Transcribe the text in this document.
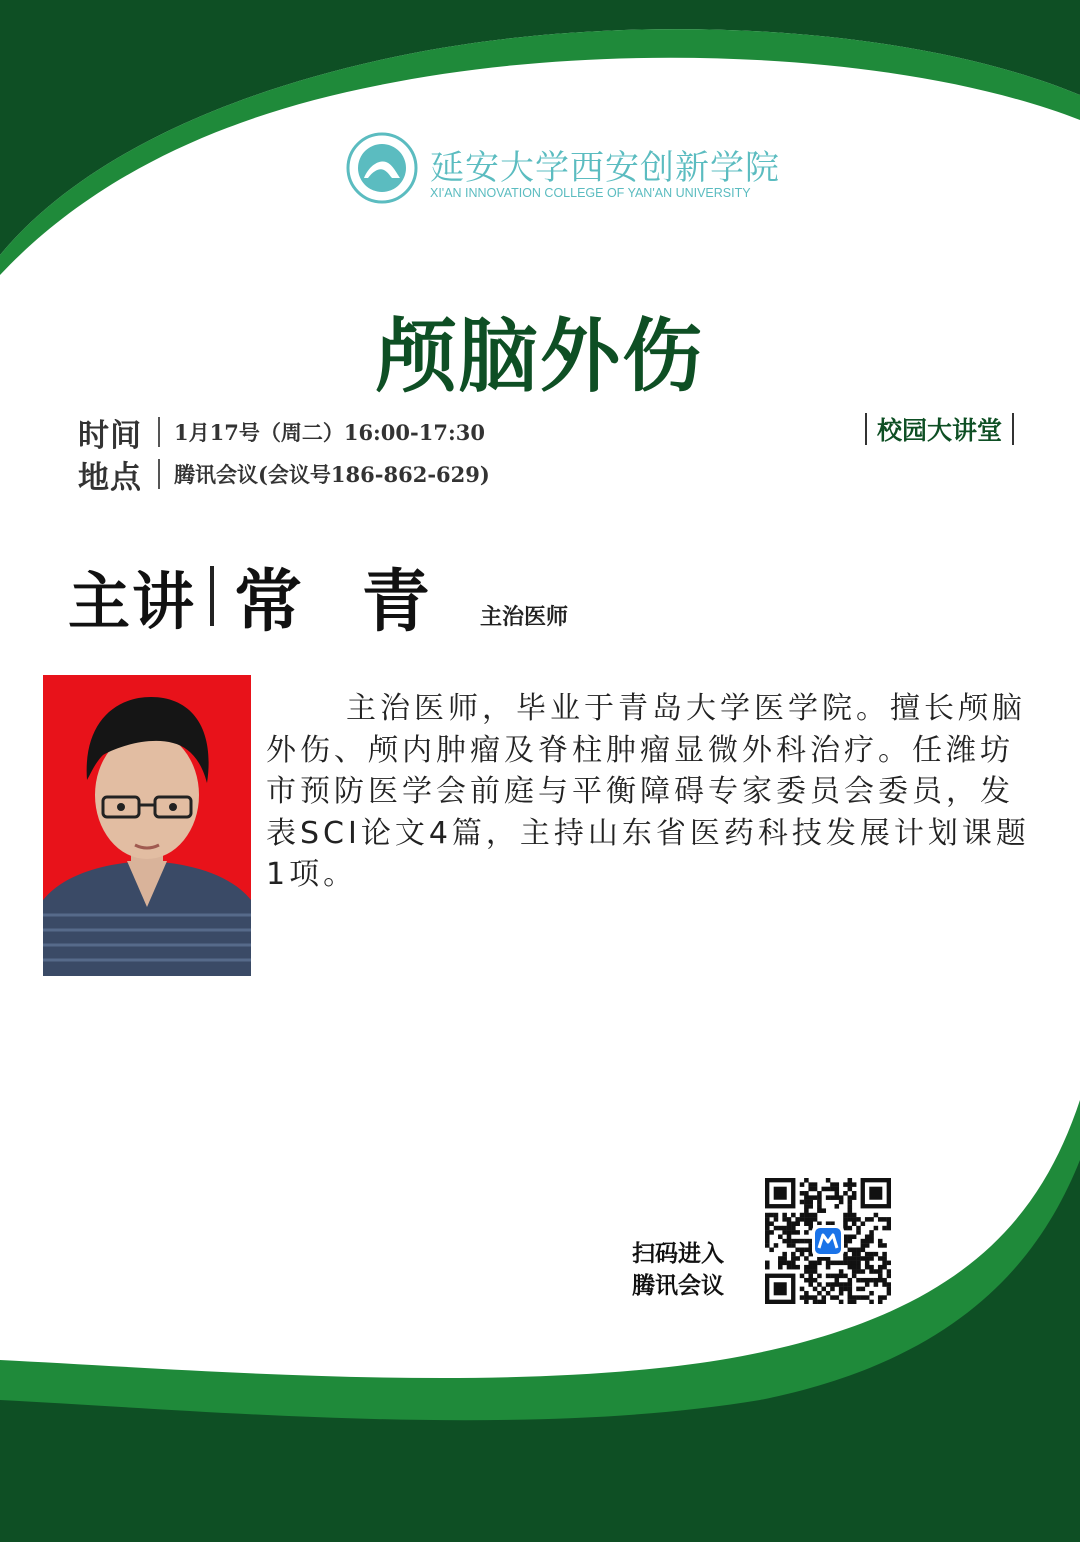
延安大学西安创新学院
XI'AN INNOVATION COLLEGE OF YAN'AN UNIVERSITY
颅脑外伤
时间 1月17号（周二）16:00-17:30
地点 腾讯会议(会议号186-862-629)
校园大讲堂
主讲 常 青 主治医师
主治医师，毕业于青岛大学医学院。擅长颅脑外伤、颅内肿瘤及脊柱肿瘤显微外科治疗。任潍坊市预防医学会前庭与平衡障碍专家委员会委员，发表SCI论文4篇，主持山东省医药科技发展计划课题1项。
扫码进入
腾讯会议
